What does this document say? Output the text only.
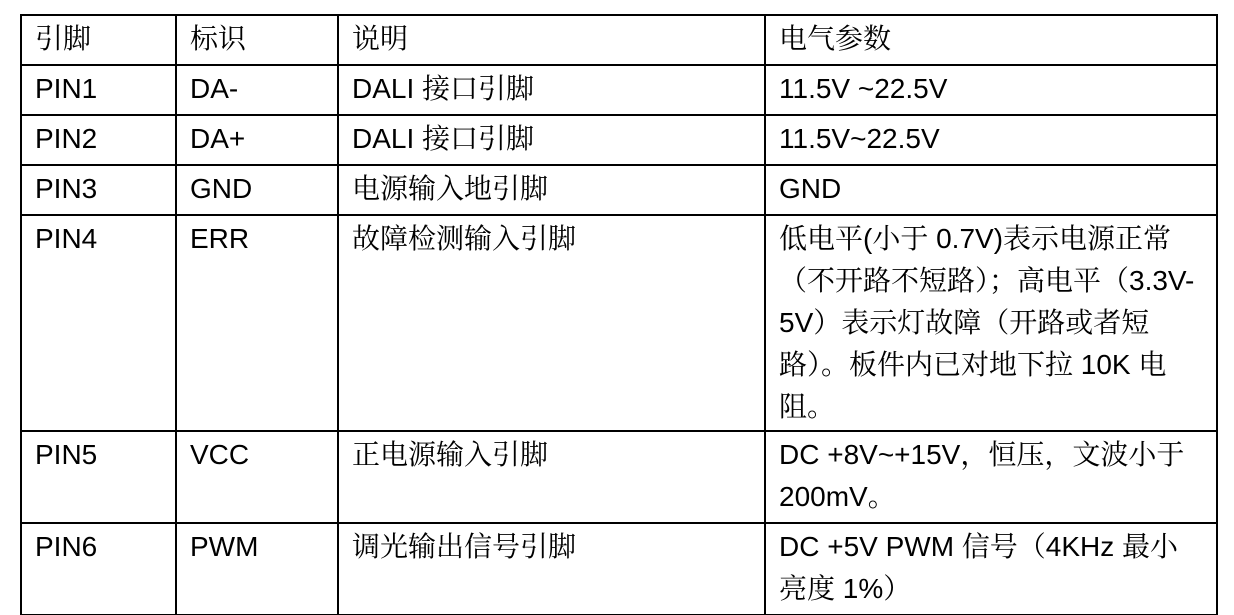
引脚	标识	说明	电气参数
PIN1	DA-	DALI 接口引脚	11.5V ~22.5V
PIN2	DA+	DALI 接口引脚	11.5V~22.5V
PIN3	GND	电源输入地引脚	GND
PIN4	ERR	故障检测输入引脚	低电平(小于 0.7V)表示电源正常（不开路不短路）；高电平（3.3V-5V）表示灯故障（开路或者短路）。板件内已对地下拉 10K 电阻。
PIN5	VCC	正电源输入引脚	DC +8V~+15V，恒压，文波小于 200mV。
PIN6	PWM	调光输出信号引脚	DC +5V PWM 信号（4KHz 最小亮度 1%）
